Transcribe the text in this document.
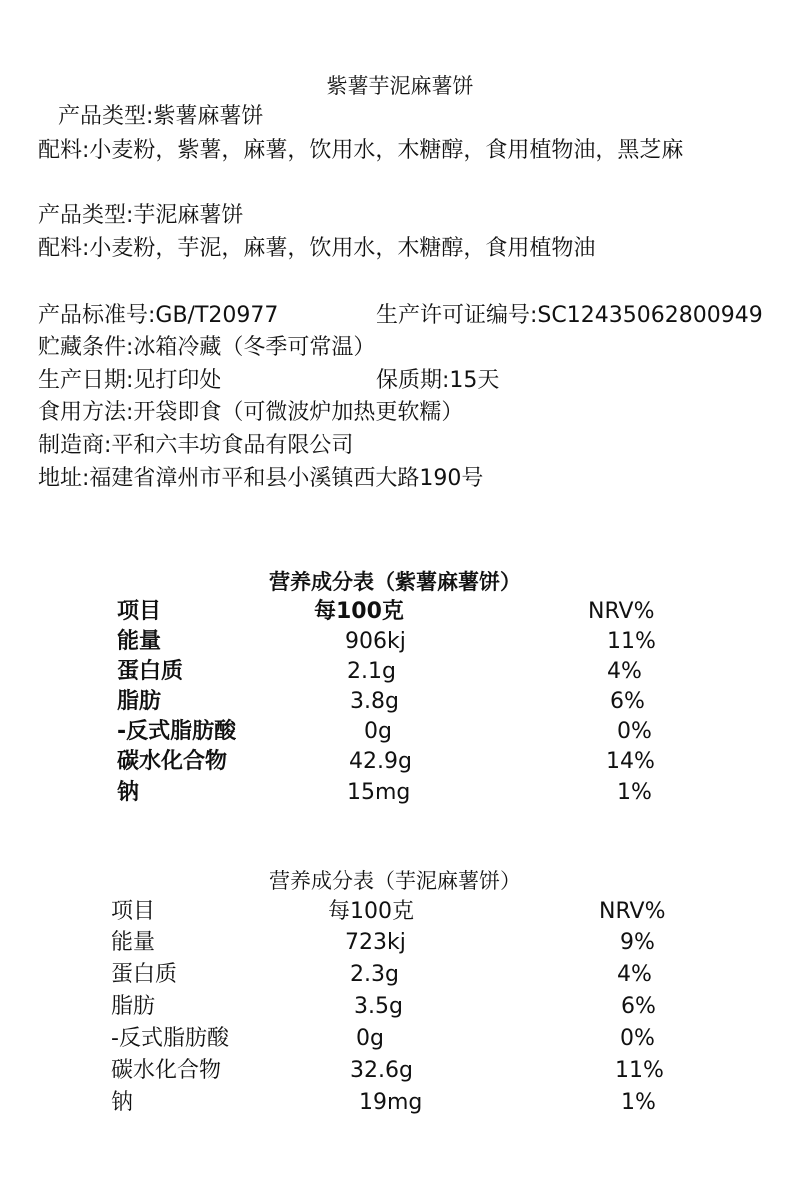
紫薯芋泥麻薯饼
产品类型:紫薯麻薯饼
配料:小麦粉，紫薯，麻薯，饮用水，木糖醇，食用植物油，黑芝麻
产品类型:芋泥麻薯饼
配料:小麦粉，芋泥，麻薯，饮用水，木糖醇，食用植物油
产品标准号:GB/T20977	生产许可证编号:SC12435062800949
贮藏条件:冰箱冷藏（冬季可常温）
生产日期:见打印处	保质期:15天
食用方法:开袋即食（可微波炉加热更软糯）
制造商:平和六丰坊食品有限公司
地址:福建省漳州市平和县小溪镇西大路190号
营养成分表（紫薯麻薯饼）
项目	每100克	NRV%
能量	906kj	11%
蛋白质	2.1g	4%
脂肪	3.8g	6%
-反式脂肪酸	0g	0%
碳水化合物	42.9g	14%
钠	15mg	1%
营养成分表（芋泥麻薯饼）
项目	每100克	NRV%
能量	723kj	9%
蛋白质	2.3g	4%
脂肪	3.5g	6%
-反式脂肪酸	0g	0%
碳水化合物	32.6g	11%
钠	19mg	1%
